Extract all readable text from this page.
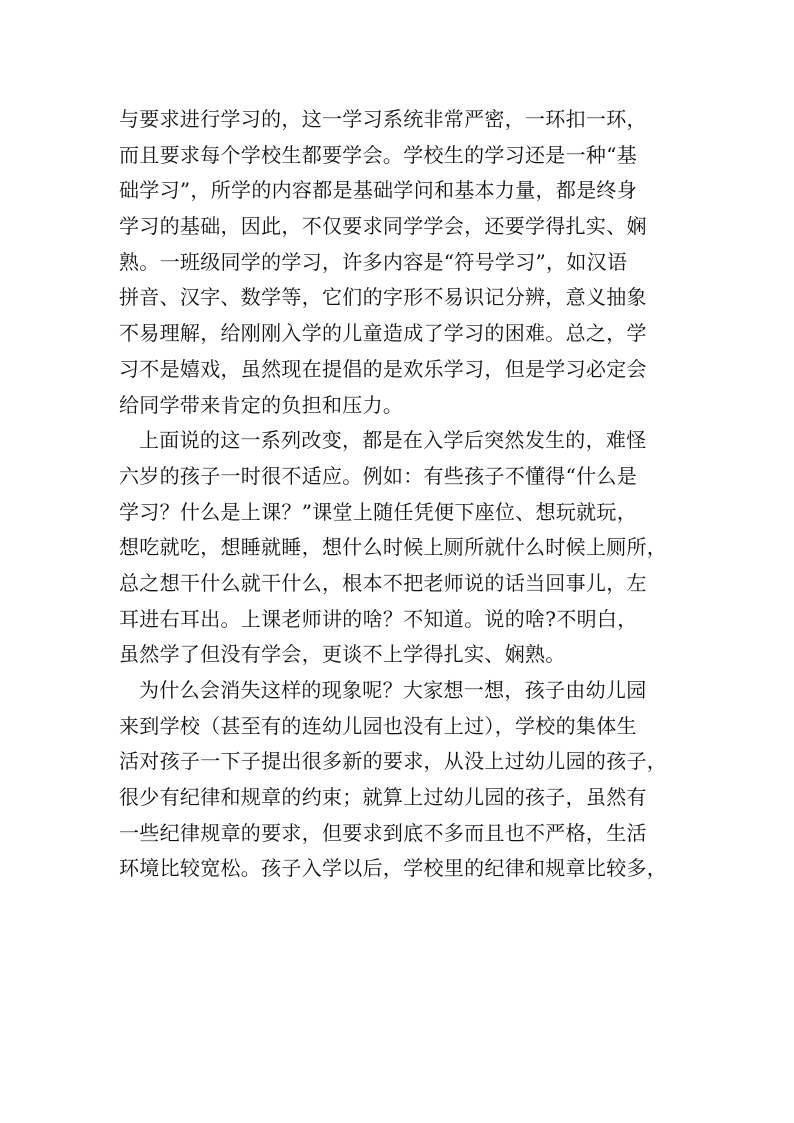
与要求进行学习的，这一学习系统非常严密，一环扣一环，
而且要求每个学校生都要学会。学校生的学习还是一种“基
础学习”，所学的内容都是基础学问和基本力量，都是终身
学习的基础，因此，不仅要求同学学会，还要学得扎实、娴
熟。一班级同学的学习，许多内容是“符号学习”，如汉语
拼音、汉字、数学等，它们的字形不易识记分辨，意义抽象
不易理解，给刚刚入学的儿童造成了学习的困难。总之，学
习不是嬉戏，虽然现在提倡的是欢乐学习，但是学习必定会
给同学带来肯定的负担和压力。
上面说的这一系列改变，都是在入学后突然发生的，难怪
六岁的孩子一时很不适应。例如：有些孩子不懂得“什么是
学习？什么是上课？”课堂上随任凭便下座位、想玩就玩，
想吃就吃，想睡就睡，想什么时候上厕所就什么时候上厕所，
总之想干什么就干什么，根本不把老师说的话当回事儿，左
耳进右耳出。上课老师讲的啥？不知道。说的啥?不明白，
虽然学了但没有学会，更谈不上学得扎实、娴熟。
为什么会消失这样的现象呢？大家想一想，孩子由幼儿园
来到学校（甚至有的连幼儿园也没有上过），学校的集体生
活对孩子一下子提出很多新的要求，从没上过幼儿园的孩子，
很少有纪律和规章的约束；就算上过幼儿园的孩子，虽然有
一些纪律规章的要求，但要求到底不多而且也不严格，生活
环境比较宽松。孩子入学以后，学校里的纪律和规章比较多，
